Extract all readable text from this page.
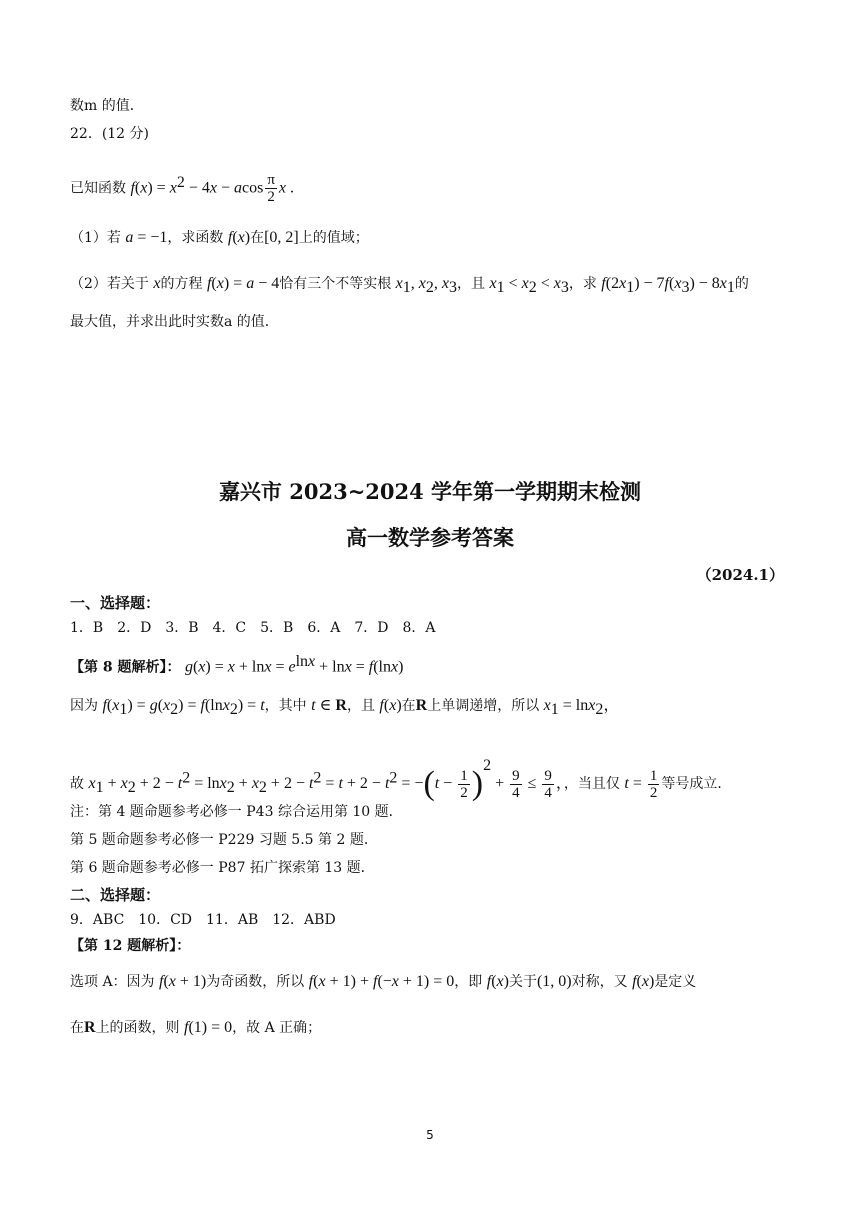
数m 的值．
22．(12 分)
已知函数 $f(x) = x^2 - 4x - acos \frac{\pi}{2}$ x .
（1）若 a = −1，求函数 f(x)在[0, 2]上的值域；
（2）若关于 x的方程 f(x) = a − 4恰有三个不等实根 $x_1$, $x_2$, $x_3$，且 $x_1 < x_2 < x_3$，求 $f(2x_1) - 7f(x_3) - 8x_1$的
最大值，并求出此时实数a 的值．
嘉兴市 2023~2024 学年第一学期期末检测
高一数学参考答案
（2024.1）
一、选择题：
1．B　2．D　3．B　4．C　5．B　6．A　7．D　8．A
【第 8 题解析】： $g(x) = x + \ln x = e^{lnx} + \ln x = f(\ln x)$
因为 $f(x_1) = g(x_2) = f(\ln x_2) = t$，其中 t ∈ R，且 f(x)在R上单调递增，所以 $x_1 = \ln x_2$，
故 $x_1 + x_2 + 2 - t^2 = \ln x_2 + x_2 + 2 - t^2 = t + 2 - t^2 = -(t - \frac{1}{2} )^2 + \frac{9}{4} \le \frac{9}{4}$ ，，当且仅 $t = \frac{1}{2}$ 等号成立．
注：第 4 题命题参考必修一 P43 综合运用第 10 题．
第 5 题命题参考必修一 P229 习题 5.5 第 2 题．
第 6 题命题参考必修一 P87 拓广探索第 13 题．
二、选择题：
9．ABC　10．CD　11．AB　12．ABD
【第 12 题解析】：
选项 A：因为 f(x + 1)为奇函数，所以 f(x + 1) + f(−x + 1) = 0，即 f(x)关于(1, 0)对称，又 f(x)是定义
在R上的函数，则 f(1) = 0，故 A 正确；
5
